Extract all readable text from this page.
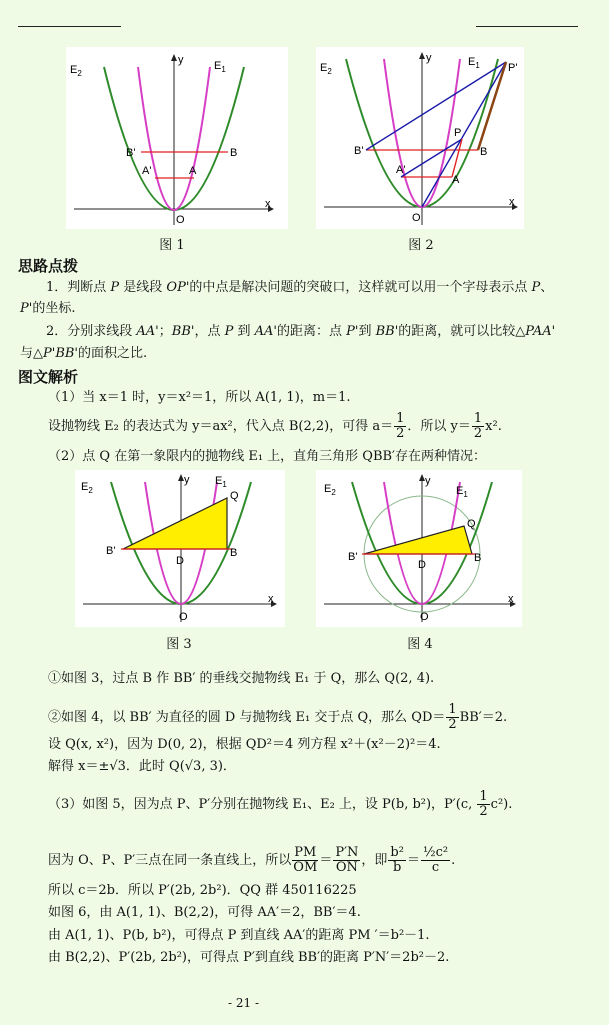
$E_2$
$E_1$
y
x
O
B'	B
A'	A
图 1
$E_2$
$E_1$
y
x
O
B'	B
A'
A
P
P'
图 2
思路点拨
1．判断点 P 是线段 OP'的中点是解决问题的突破口，这样就可以用一个字母表示点 P、
P'的坐标.
2．分别求线段 AA'；BB'，点 P 到 AA'的距离：点 P'到 BB'的距离，就可以比较△PAA'
与△P'BB'的面积之比.
图文解析
（1）当 x＝1 时，y＝x²＝1，所以 A(1, 1)，m＝1.
设抛物线 E₂ 的表达式为 y＝ax²，代入点 B(2,2)，可得 $a= \frac{1}{2}$ ．所以 $y= \frac{1}{2} x^2$.
（2）点 Q 在第一象限内的抛物线 E₁ 上，直角三角形 QBB′存在两种情况：
$E_2$
$E_1$
y
x
O
B'	B
D
Q
图 3
$E_2$	$E_1$
y
x
O
B'	B
D
Q
图 4
①如图 3，过点 B 作 BB′ 的垂线交抛物线 E₁ 于 Q，那么 Q(2, 4).
②如图 4，以 BB′ 为直径的圆 D 与抛物线 E₁ 交于点 Q，那么 $QD= \frac{1}{2} BB'=2$.
设 Q(x, x²)，因为 D(0, 2)，根据 QD²＝4 列方程 x²＋(x²－2)²＝4.
解得 x＝±√3．此时 Q(√3, 3)．
（3）如图 5，因为点 P、P′分别在抛物线 E₁、E₂ 上，设 P(b, b²)，P′(c, $\frac{1}{2} c^2$).
因为 O、P、P′三点在同一条直线上，所以 $\frac{PM}{OM} = \frac{P'N}{ON}$ ，即 $\frac{\text{b²}}{b} = \frac{\text{½c²}}{c}$ .
所以 c＝2b．所以 P′(2b, 2b²)．QQ 群 450116225
如图 6，由 A(1, 1)、B(2,2)，可得 AA′＝2，BB′＝4.
由 A(1, 1)、P(b, b²)，可得点 P 到直线 AA′的距离 PM ′＝b²－1.
由 B(2,2)、P′(2b, 2b²)，可得点 P′到直线 BB′的距离 P′N′＝2b²－2.
- 21 -
